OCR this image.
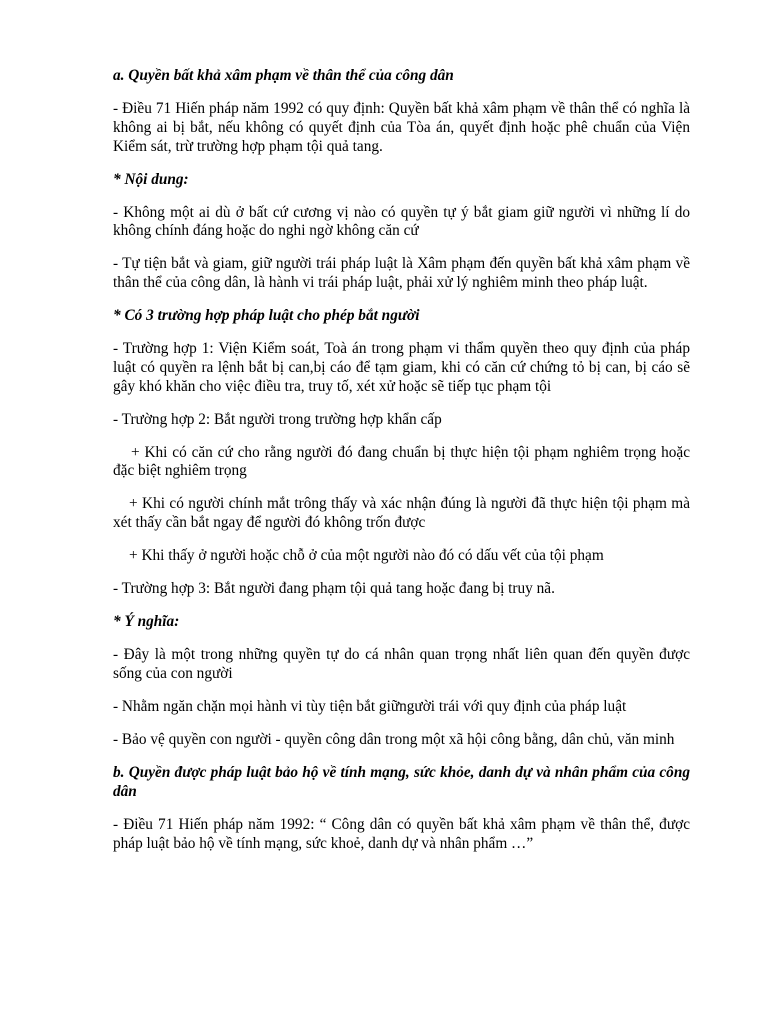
a. Quyền bất khả xâm phạm về thân thể của công dân

- Điều 71 Hiến pháp năm 1992 có quy định: Quyền bất khả xâm phạm về thân thể có nghĩa là không ai bị bắt, nếu không có quyết định của Tòa án, quyết định hoặc phê chuẩn của Viện Kiểm sát, trừ trường hợp phạm tội quả tang.

* Nội dung:

- Không một ai dù ở bất cứ cương vị nào có quyền tự ý bắt giam giữ người vì những lí do không chính đáng hoặc do nghi ngờ không căn cứ

- Tự tiện bắt và giam, giữ người trái pháp luật là Xâm phạm đến quyền bất khả xâm phạm về thân thể của công dân, là hành vi trái pháp luật, phải xử lý nghiêm minh theo pháp luật.

* Có 3 trường hợp pháp luật cho phép bắt người

- Trường hợp 1: Viện Kiểm soát, Toà án trong phạm vi thẩm quyền theo quy định của pháp luật có quyền ra lệnh bắt bị can,bị cáo để tạm giam, khi có căn cứ chứng tỏ bị can, bị cáo sẽ gây khó khăn cho việc điều tra, truy tố, xét xử hoặc sẽ tiếp tục phạm tội

- Trường hợp 2: Bắt người trong trường hợp khẩn cấp

+ Khi có căn cứ cho rằng người đó đang chuẩn bị thực hiện tội phạm nghiêm trọng hoặc đặc biệt nghiêm trọng

+ Khi có người chính mắt trông thấy và xác nhận đúng là người đã thực hiện tội phạm mà xét thấy cần bắt ngay để người đó không trốn được

+ Khi thấy ở người hoặc chỗ ở của một người nào đó có dấu vết của tội phạm

- Trường hợp 3: Bắt người đang phạm tội quả tang hoặc đang bị truy nã.

* Ý nghĩa:

- Đây là một trong những quyền tự do cá nhân quan trọng nhất liên quan đến quyền được sống của con người

- Nhằm ngăn chặn mọi hành vi tùy tiện bắt giữngười trái với quy định của pháp luật

- Bảo vệ quyền con người - quyền công dân trong một xã hội công bằng, dân chủ, văn minh

b. Quyền được pháp luật bảo hộ về tính mạng, sức khỏe, danh dự và nhân phẩm của công dân

- Điều 71 Hiến pháp năm 1992: “ Công dân có quyền bất khả xâm phạm về thân thể, được pháp luật bảo hộ về tính mạng, sức khoẻ, danh dự và nhân phẩm …”
